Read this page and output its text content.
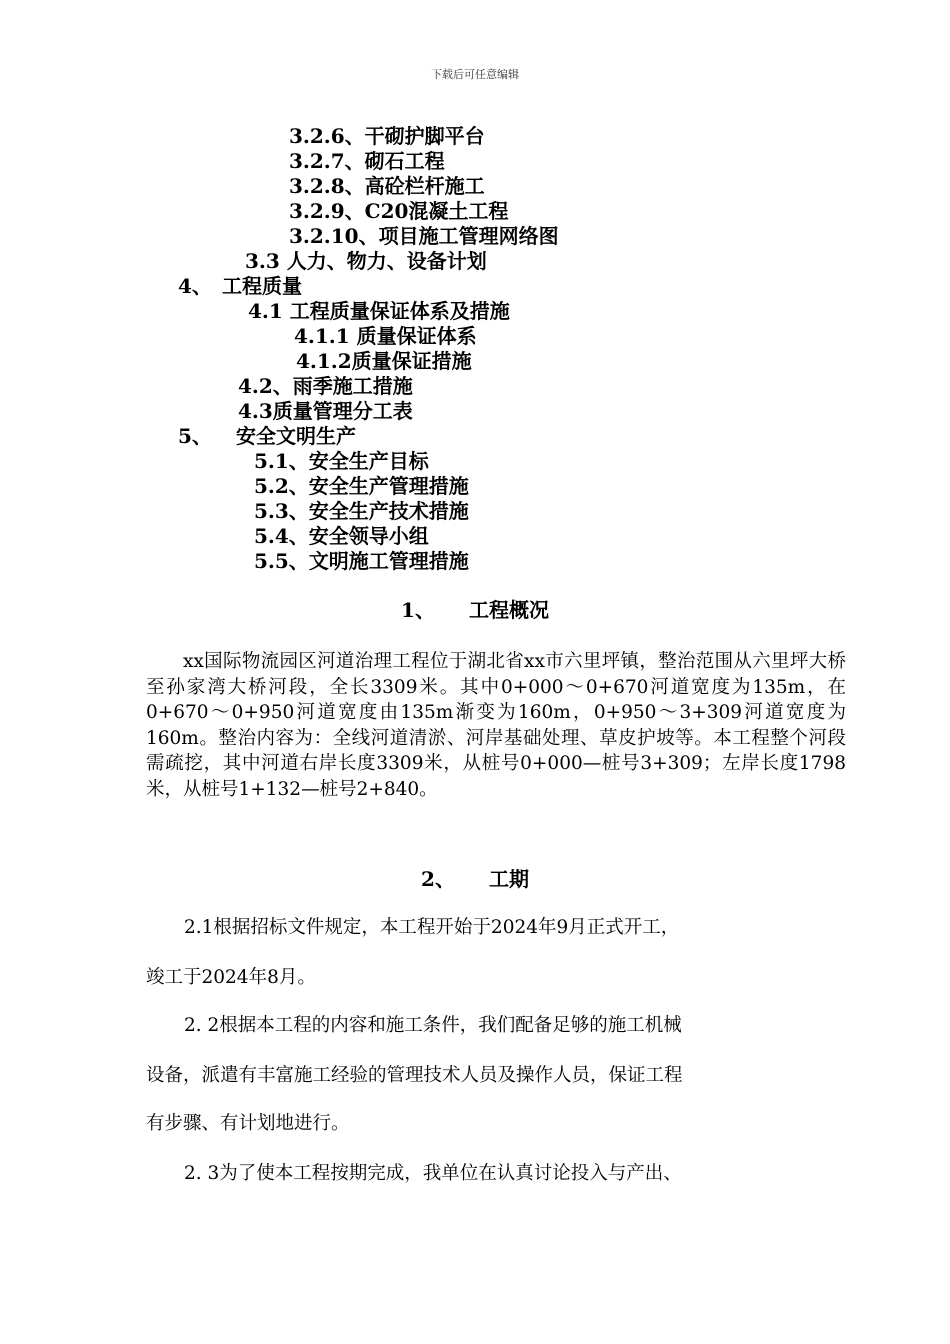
下载后可任意编辑
3.2.6、干砌护脚平台
3.2.7、砌石工程
3.2.8、高砼栏杆施工
3.2.9、C20混凝土工程
3.2.10、项目施工管理网络图
3.3 人力、物力、设备计划
4、 工程质量
4.1 工程质量保证体系及措施
4.1.1 质量保证体系
4.1.2质量保证措施
4.2、雨季施工措施
4.3质量管理分工表
5、 安全文明生产
5.1、安全生产目标
5.2、安全生产管理措施
5.3、安全生产技术措施
5.4、安全领导小组
5.5、文明施工管理措施
1、 工程概况
xx国际物流园区河道治理工程位于湖北省xx市六里坪镇，整治范围从六里坪大桥至孙家湾大桥河段，全长3309米。其中0+000～0+670河道宽度为135m，在0+670～0+950河道宽度由135m渐变为160m，0+950～3+309河道宽度为160m。整治内容为：全线河道清淤、河岸基础处理、草皮护坡等。本工程整个河段需疏挖，其中河道右岸长度3309米，从桩号0+000—桩号3+309；左岸长度1798米，从桩号1+132—桩号2+840。
2、 工期
2.1根据招标文件规定，本工程开始于2024年9月正式开工，
竣工于2024年8月。
2. 2根据本工程的内容和施工条件，我们配备足够的施工机械
设备，派遣有丰富施工经验的管理技术人员及操作人员，保证工程
有步骤、有计划地进行。
2. 3为了使本工程按期完成，我单位在认真讨论投入与产出、
